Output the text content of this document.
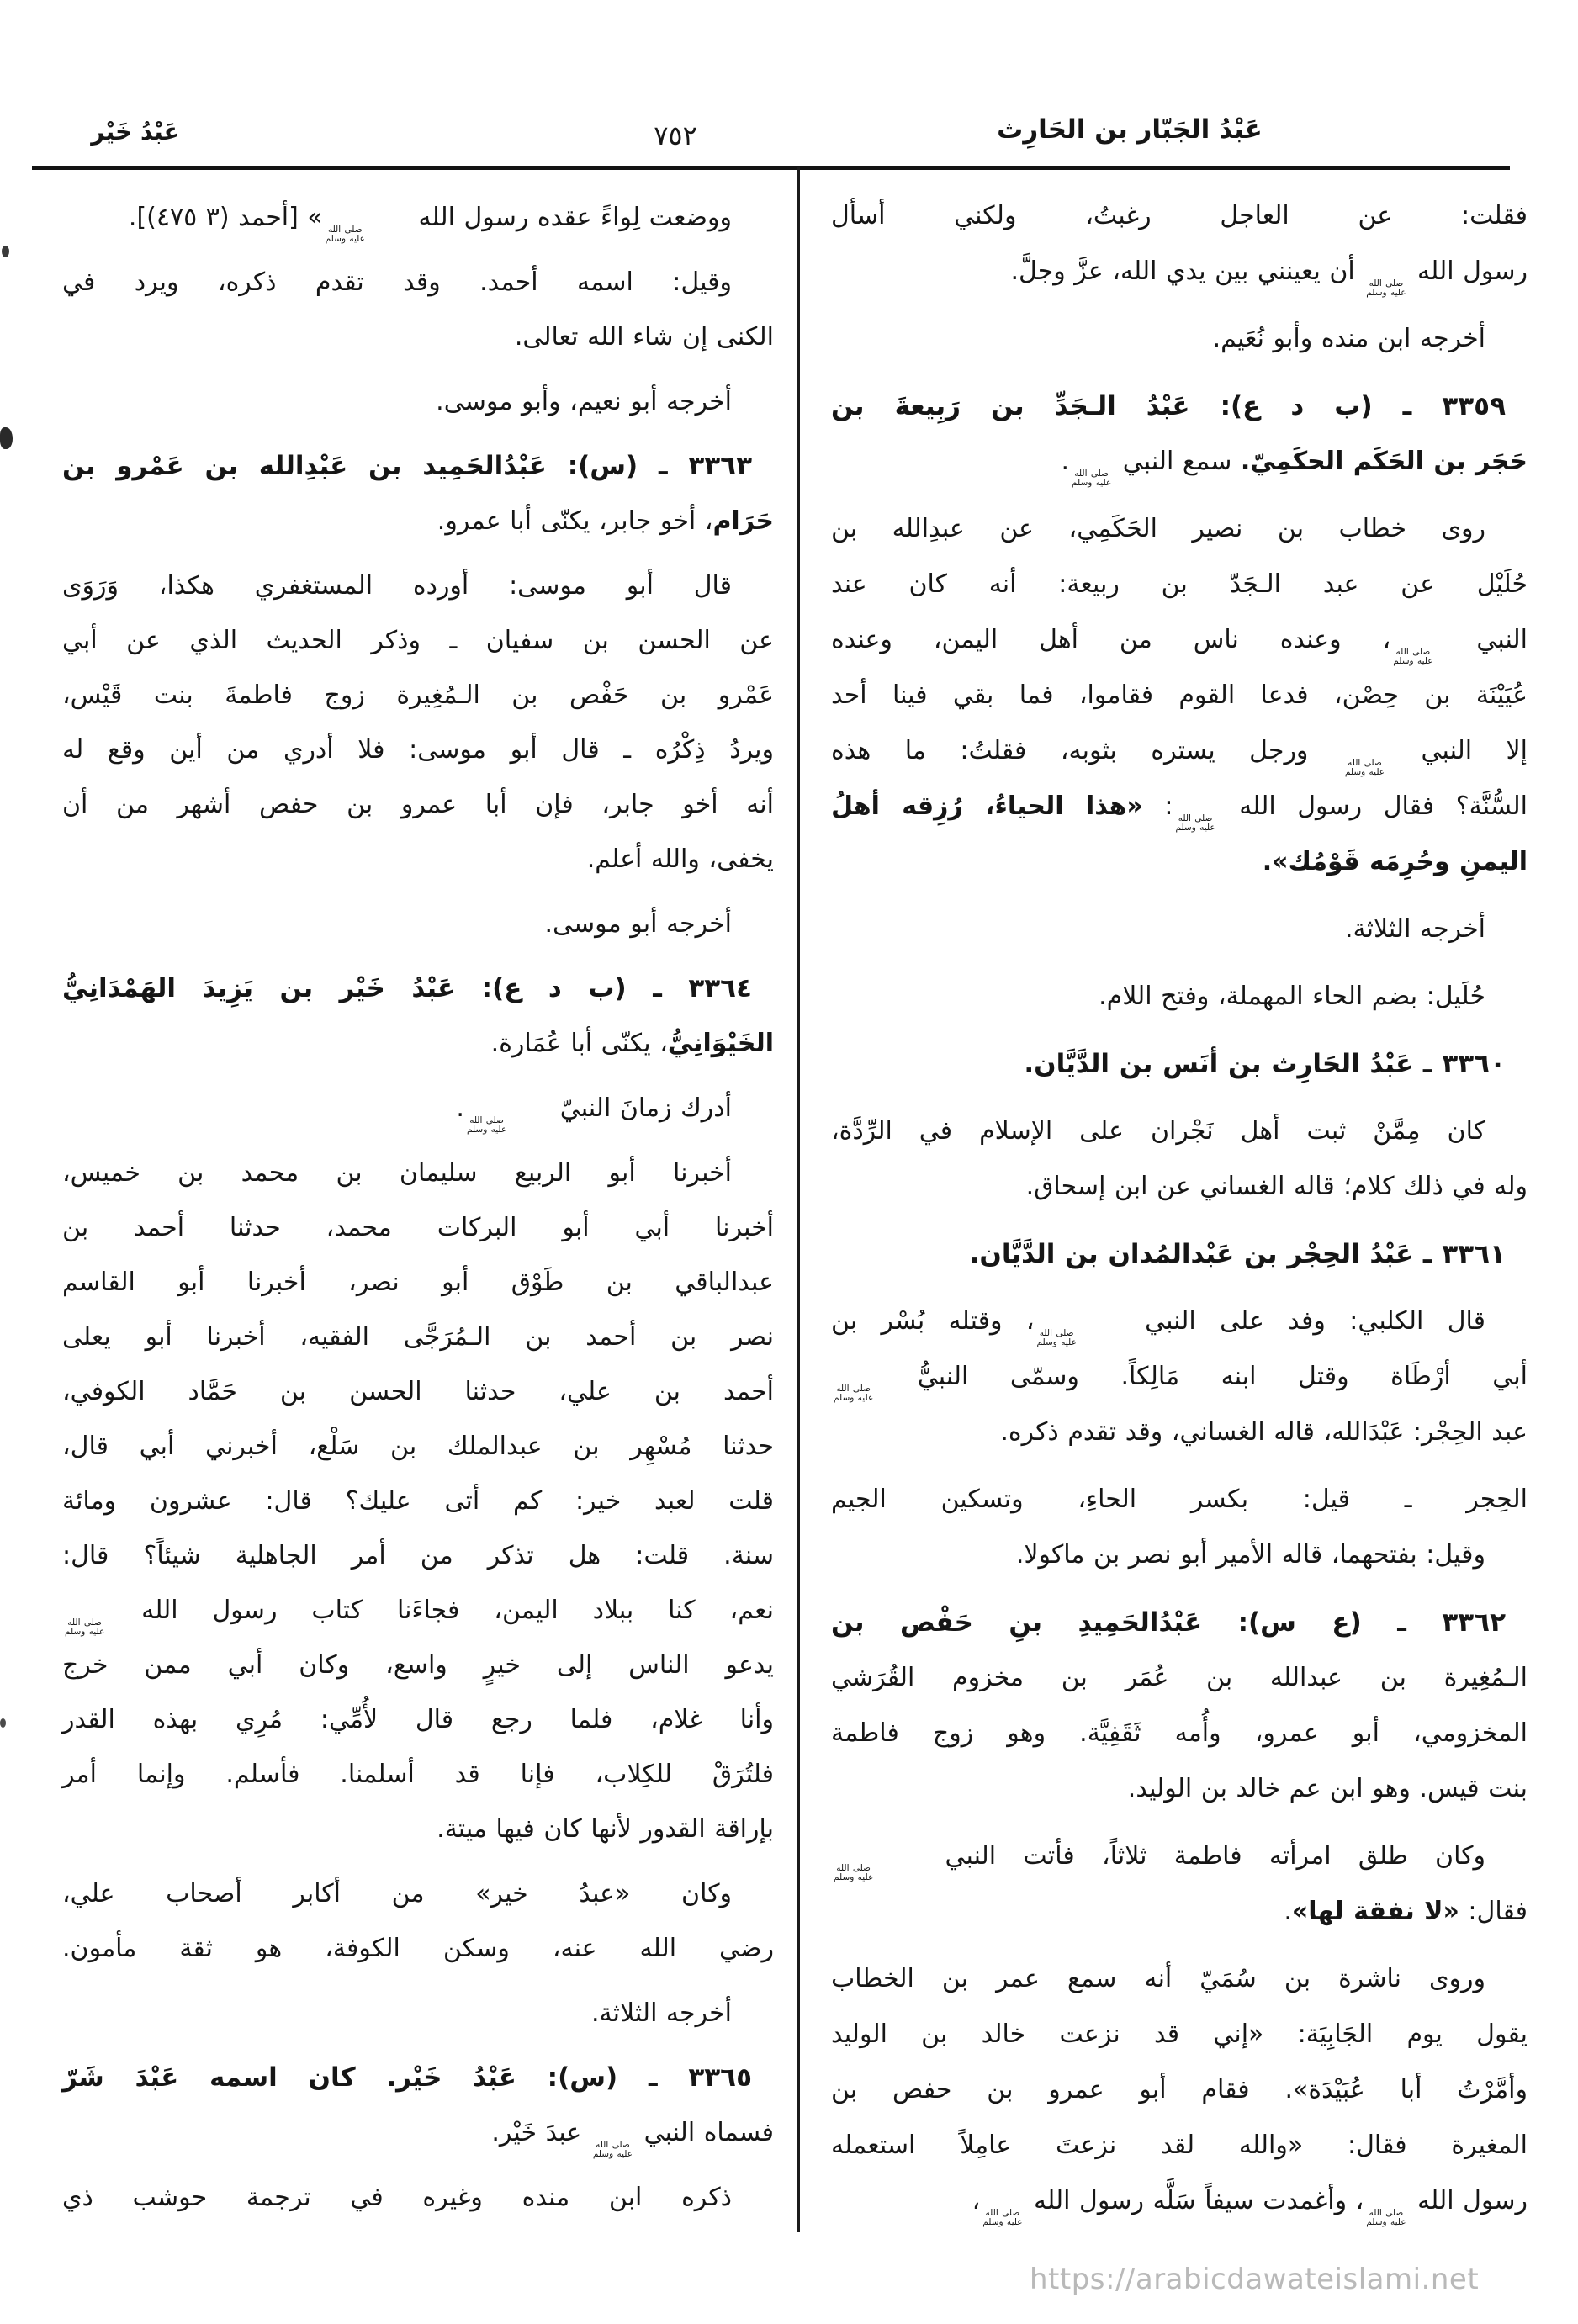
عَبْدُ الجَبّار بن الحَارِث
٧٥٢
عَبْدُ خَيْر
فقلت: عن العاجل رغبتُ، ولكني أسأل
رسول الله
صلى الله
عليه وسلم
أن يعينني بين يدي الله، عزَّ وجلَّ.
أخرجه ابن منده وأبو نُعَيم.
٣٣٥٩ ـ (ب د ع): عَبْدُ الـجَدِّ بن رَبِيعةَ بن
حَجَر بن الحَكَم الحكَمِيّ. سمع النبي
صلى الله
عليه وسلم
.
روى خطاب بن نصير الحَكَمِي، عن عبدِالله بن
حُلَيْل عن عبد الـجَدّ بن ربيعة: أنه كان عند
النبي
صلى الله
عليه وسلم
، وعنده ناس من أهل اليمن، وعنده
عُيَيْنَة بن حِصْن، فدعا القوم فقاموا، فما بقي فينا أحد
إلا النبي
صلى الله
عليه وسلم
ورجل يستره بثوبه، فقلتُ: ما هذه
السُّنَّة؟ فقال رسول الله
صلى الله
عليه وسلم
: «هذا الحياءُ، رُزِقه أهلُ
اليمنِ وحُرِمَه قَوْمُك».
أخرجه الثلاثة.
حُلَيل: بضم الحاء المهملة، وفتح اللام.
٣٣٦٠ ـ عَبْدُ الحَارِث بن أنَس بن الدَّيَّان.
كان مِمَّنْ ثبت أهل نَجْران على الإسلام في الرِّدَّة،
وله في ذلك كلام؛ قاله الغساني عن ابن إسحاق.
٣٣٦١ ـ عَبْدُ الحِجْر بن عَبْدالمُدان بن الدَّيَّان.
قال الكلبي: وفد على النبي
صلى الله
عليه وسلم
، وقتله بُسْر بن
أبي أرْطَاة وقتل ابنه مَالِكاً. وسمّى النبيُّ
صلى الله
عليه وسلم
عبد الحِجْر: عَبْدَالله، قاله الغساني، وقد تقدم ذكره.
الحِجر ـ قيل: بكسر الحاءِ، وتسكين الجيم
وقيل: بفتحهما، قاله الأمير أبو نصر بن ماكولا.
٣٣٦٢ ـ (ع س): عَبْدُالحَمِيدِ بنِ حَفْص بن
الـمُغِيرة بن عبدالله بن عُمَر بن مخزوم القُرَشي
المخزومي، أبو عمرو، وأُمه ثَقَفِيَّة. وهو زوج فاطمة
بنت قيس. وهو ابن عم خالد بن الوليد.
وكان طلق امرأته فاطمة ثلاثاً، فأتت النبي
صلى الله
عليه وسلم
فقال: «لا نفقة لها».
وروى ناشرة بن سُمَيّ أنه سمع عمر بن الخطاب
يقول يوم الجَابِيَة: «إني قد نزعت خالد بن الوليد
وأمَّرْتُ أبا عُبَيْدَة». فقام أبو عمرو بن حفص بن
المغيرة فقال: «والله لقد نزعتَ عامِلاً استعمله
رسول الله
صلى الله
عليه وسلم
، وأغمدت سيفاً سَلَّه رسول الله
صلى الله
عليه وسلم
،
ووضعت لِواءً عقده رسول الله
صلى الله
عليه وسلم
» [أحمد (٣ ٤٧٥)].
وقيل: اسمه أحمد. وقد تقدم ذكره، ويرد في
الكنى إن شاء الله تعالى.
أخرجه أبو نعيم، وأبو موسى.
٣٣٦٣ ـ (س): عَبْدُالحَمِيد بن عَبْدِالله بن عَمْرو بن
حَرَام، أخو جابر، يكنّى أبا عمرو.
قال أبو موسى: أورده المستغفري هكذا، وَرَوَى
عن الحسن بن سفيان ـ وذكر الحديث الذي عن أبي
عَمْرو بن حَفْص بن الـمُغِيرة زوج فاطمةَ بنت قَيْس،
ويردُ ذِكْرُه ـ قال أبو موسى: فلا أدري من أين وقع له
أنه أخو جابر، فإن أبا عمرو بن حفص أشهر من أن
يخفى، والله أعلم.
أخرجه أبو موسى.
٣٣٦٤ ـ (ب د ع): عَبْدُ خَيْر بن يَزِيدَ الهَمْدَانِيُّ
الخَيْوَانِيُّ، يكنّى أبا عُمَارة.
أدرك زمانَ النبيّ
صلى الله
عليه وسلم
.
أخبرنا أبو الربيع سليمان بن محمد بن خميس،
أخبرنا أبي أبو البركات محمد، حدثنا أحمد بن
عبدالباقي بن طَوْق أبو نصر، أخبرنا أبو القاسم
نصر بن أحمد بن الـمُرَجَّى الفقيه، أخبرنا أبو يعلى
أحمد بن علي، حدثنا الحسن بن حَمَّاد الكوفي،
حدثنا مُسْهِر بن عبدالملك بن سَلْع، أخبرني أبي قال،
قلت لعبد خير: كم أتى عليك؟ قال: عشرون ومائة
سنة. قلت: هل تذكر من أمر الجاهلية شيئاً؟ قال:
نعم، كنا ببلاد اليمن، فجاءَنا كتاب رسول الله
صلى الله
عليه وسلم
يدعو الناس إلى خيرٍ واسع، وكان أبي ممن خرج
وأنا غلام، فلما رجع قال لأُمِّي: مُرِي بهذه القدر
فلتُرَقْ للكِلاب، فإنا قد أسلمنا. فأسلم. وإنما أمر
بإراقة القدور لأنها كان فيها ميتة.
وكان «عبدُ خير» من أكابر أصحاب علي،
رضي الله عنه، وسكن الكوفة، هو ثقة مأمون.
أخرجه الثلاثة.
٣٣٦٥ ـ (س): عَبْدُ خَيْر. كان اسمه عَبْدَ شَرّ
فسماه النبي
صلى الله
عليه وسلم
عبدَ خَيْر.
ذكره ابن منده وغيره في ترجمة حوشب ذي
https://arabicdawateislami.net
